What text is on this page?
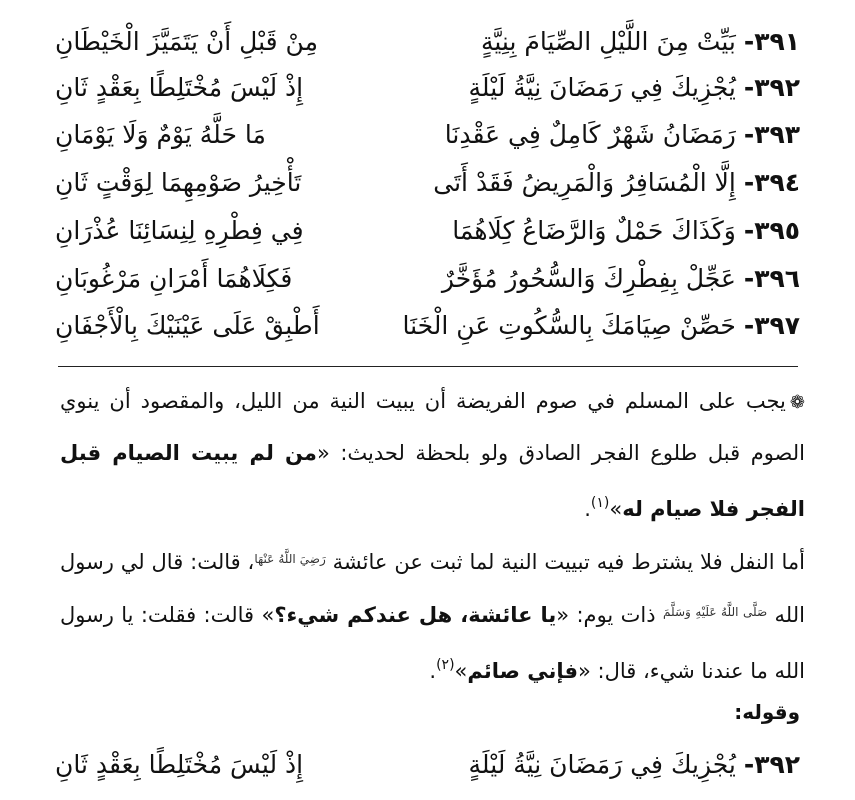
٣٩١- بَيِّتْ مِنَ اللَّيْلِ الصِّيَامَ بِنِيَّةٍ
مِنْ قَبْلِ أَنْ يَتَمَيَّزَ الْخَيْطَانِ
٣٩٢- يُجْزِيكَ فِي رَمَضَانَ نِيَّةُ لَيْلَةٍ
إِذْ لَيْسَ مُخْتَلِطًا بِعَقْدٍ ثَانِ
٣٩٣- رَمَضَانُ شَهْرٌ كَامِلٌ فِي عَقْدِنَا
مَا حَلَّهُ يَوْمٌ وَلَا يَوْمَانِ
٣٩٤- إِلَّا الْمُسَافِرُ وَالْمَرِيضُ فَقَدْ أَتَى
تَأْخِيرُ صَوْمِهِمَا لِوَقْتٍ ثَانِ
٣٩٥- وَكَذَاكَ حَمْلٌ وَالرَّضَاعُ كِلَاهُمَا
فِي فِطْرِهِ لِنِسَائِنَا عُذْرَانِ
٣٩٦- عَجِّلْ بِفِطْرِكَ وَالسُّحُورُ مُؤَخَّرٌ
فَكِلَاهُمَا أَمْرَانِ مَرْغُوبَانِ
٣٩٧- حَصِّنْ صِيَامَكَ بِالسُّكُوتِ عَنِ الْخَنَا
أَطْبِقْ عَلَى عَيْنَيْكَ بِالْأَجْفَانِ
❁يجب على المسلم في صوم الفريضة أن يبيت النية من الليل، والمقصود أن ينوي الصوم قبل طلوع الفجر الصادق ولو بلحظة لحديث: «من لم يبيت الصيام قبل الفجر فلا صيام له»$^{(١)}$.
أما النفل فلا يشترط فيه تبييت النية لما ثبت عن عائشة $^{رَضِيَ اللَّهُ عَنْهَا}$، قالت: قال لي رسول الله $^{صَلَّى اللَّهُ عَلَيْهِ وَسَلَّمَ}$ ذات يوم: «يا عائشة، هل عندكم شيء؟» قالت: فقلت: يا رسول الله ما عندنا شيء، قال: «فإني صائم»$^{(٢)}$.
وقوله:
٣٩٢- يُجْزِيكَ فِي رَمَضَانَ نِيَّةُ لَيْلَةٍ
إِذْ لَيْسَ مُخْتَلِطًا بِعَقْدٍ ثَانِ
